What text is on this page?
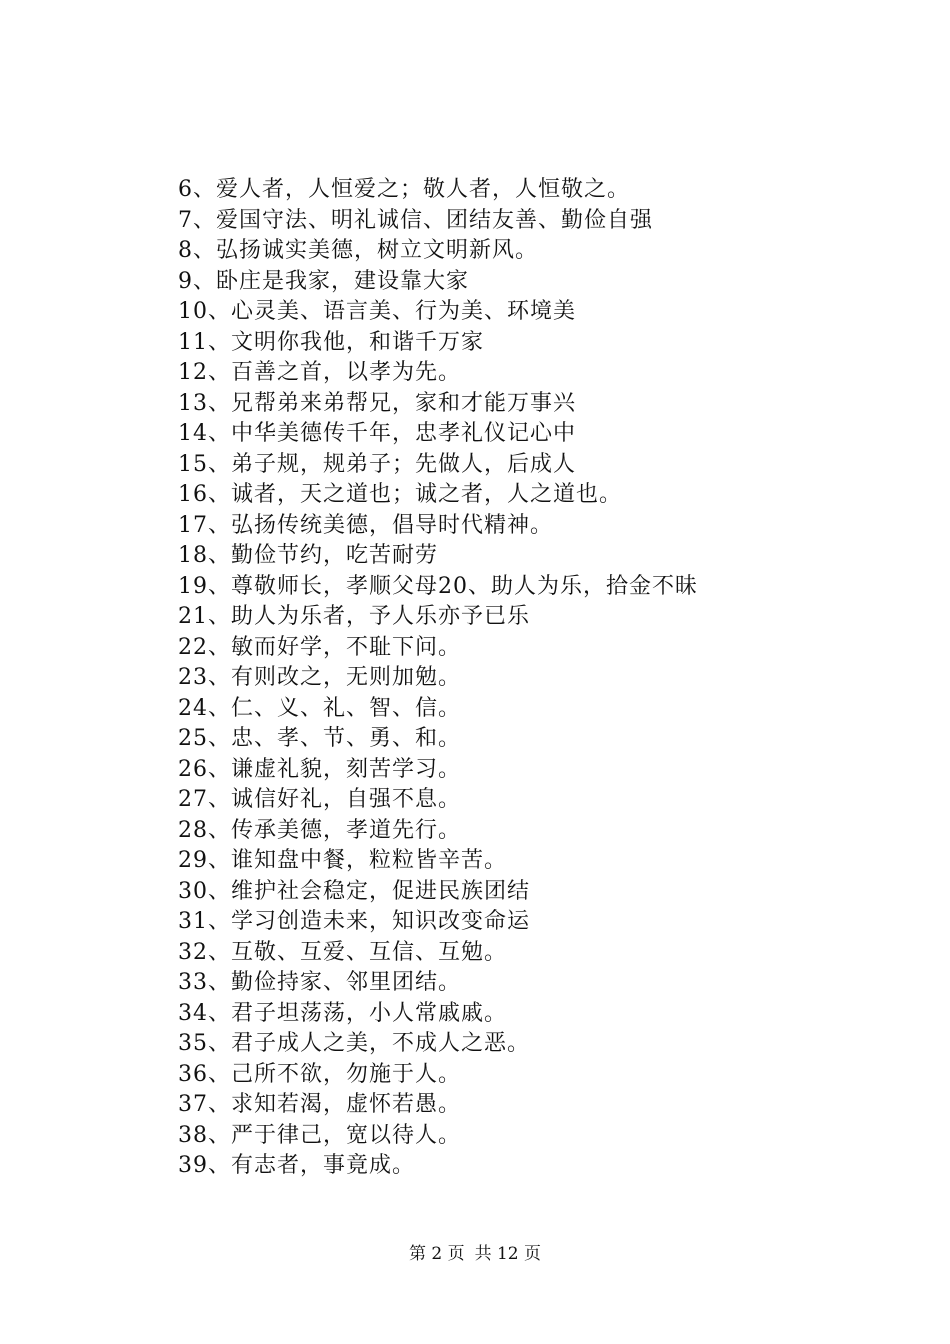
6、爱人者，人恒爱之；敬人者，人恒敬之。
7、爱国守法、明礼诚信、团结友善、勤俭自强
8、弘扬诚实美德，树立文明新风。
9、卧庄是我家，建设靠大家
10、心灵美、语言美、行为美、环境美
11、文明你我他，和谐千万家
12、百善之首，以孝为先。
13、兄帮弟来弟帮兄，家和才能万事兴
14、中华美德传千年，忠孝礼仪记心中
15、弟子规，规弟子；先做人，后成人
16、诚者，天之道也；诚之者，人之道也。
17、弘扬传统美德，倡导时代精神。
18、勤俭节约，吃苦耐劳
19、尊敬师长，孝顺父母20、助人为乐，拾金不昧
21、助人为乐者，予人乐亦予已乐
22、敏而好学，不耻下问。
23、有则改之，无则加勉。
24、仁、义、礼、智、信。
25、忠、孝、节、勇、和。
26、谦虚礼貌，刻苦学习。
27、诚信好礼，自强不息。
28、传承美德，孝道先行。
29、谁知盘中餐，粒粒皆辛苦。
30、维护社会稳定，促进民族团结
31、学习创造未来，知识改变命运
32、互敬、互爱、互信、互勉。
33、勤俭持家、邻里团结。
34、君子坦荡荡，小人常戚戚。
35、君子成人之美，不成人之恶。
36、己所不欲，勿施于人。
37、求知若渴，虚怀若愚。
38、严于律己，宽以待人。
39、有志者，事竟成。
第 2 页 共 12 页
